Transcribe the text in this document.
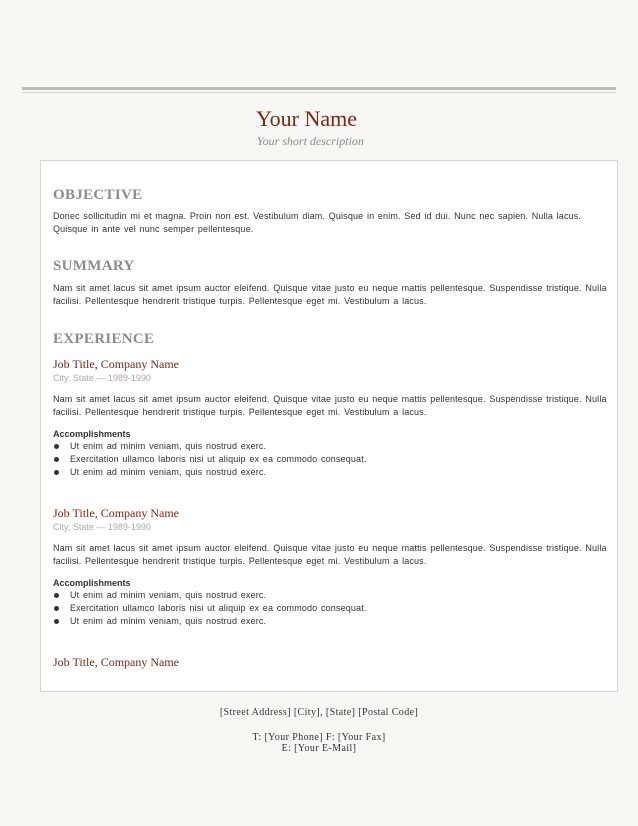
Your Name
Your short description
OBJECTIVE

Donec sollicitudin mi et magna. Proin non est. Vestibulum diam. Quisque in enim. Sed id dui. Nunc nec sapien. Nulla lacus. Quisque in ante vel nunc semper pellentesque.

SUMMARY

Nam sit amet lacus sit amet ipsum auctor eleifend. Quisque vitae justo eu neque mattis pellentesque. Suspendisse tristique. Nulla facilisi. Pellentesque hendrerit tristique turpis. Pellentesque eget mi. Vestibulum a lacus.

EXPERIENCE

Job Title, Company Name

City, State — 1989-1990

Nam sit amet lacus sit amet ipsum auctor eleifend. Quisque vitae justo eu neque mattis pellentesque. Suspendisse tristique. Nulla facilisi. Pellentesque hendrerit tristique turpis. Pellentesque eget mi. Vestibulum a lacus.

Accomplishments

Ut enim ad minim veniam, quis nostrud exerc.
Exercitation ullamco laboris nisi ut aliquip ex ea commodo consequat.
Ut enim ad minim veniam, quis nostrud exerc.

Job Title, Company Name

City, State — 1989-1990

Nam sit amet lacus sit amet ipsum auctor eleifend. Quisque vitae justo eu neque mattis pellentesque. Suspendisse tristique. Nulla facilisi. Pellentesque hendrerit tristique turpis. Pellentesque eget mi. Vestibulum a lacus.

Accomplishments

Ut enim ad minim veniam, quis nostrud exerc.
Exercitation ullamco laboris nisi ut aliquip ex ea commodo consequat.
Ut enim ad minim veniam, quis nostrud exerc.

Job Title, Company Name

[Street Address] [City], [State] [Postal Code]
T: [Your Phone] F: [Your Fax]
E: [Your E-Mail]
